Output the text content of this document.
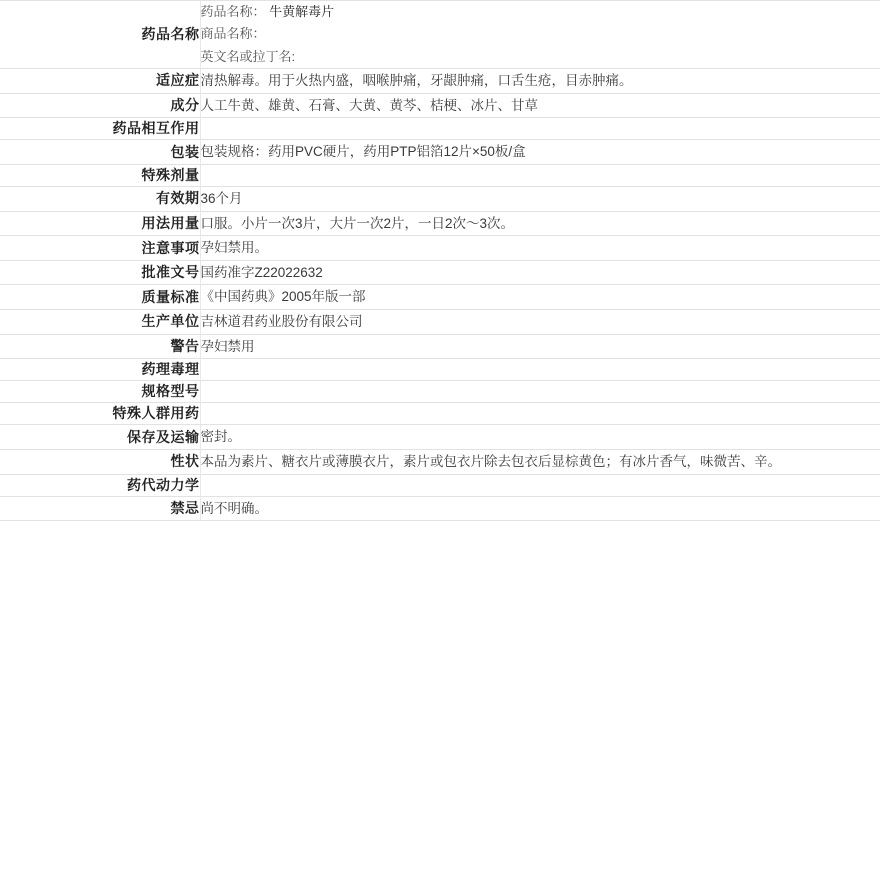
药品名称	药品名称： 牛黄解毒片
商品名称：
英文名或拉丁名:

适应症	清热解毒。用于火热内盛，咽喉肿痛，牙龈肿痛，口舌生疮，目赤肿痛。

成分	人工牛黄、雄黄、石膏、大黄、黄芩、桔梗、冰片、甘草

药品相互作用	

包装	包装规格：药用PVC硬片，药用PTP铝箔12片×50板/盒

特殊剂量	

有效期	36个月

用法用量	口服。小片一次3片，大片一次2片，一日2次～3次。

注意事项	孕妇禁用。

批准文号	国药准字Z22022632

质量标准	《中国药典》2005年版一部

生产单位	吉林道君药业股份有限公司

警告	孕妇禁用

药理毒理	

规格型号	

特殊人群用药	

保存及运输	密封。

性状	本品为素片、糖衣片或薄膜衣片，素片或包衣片除去包衣后显棕黄色；有冰片香气，味微苦、辛。

药代动力学	

禁忌	尚不明确。
